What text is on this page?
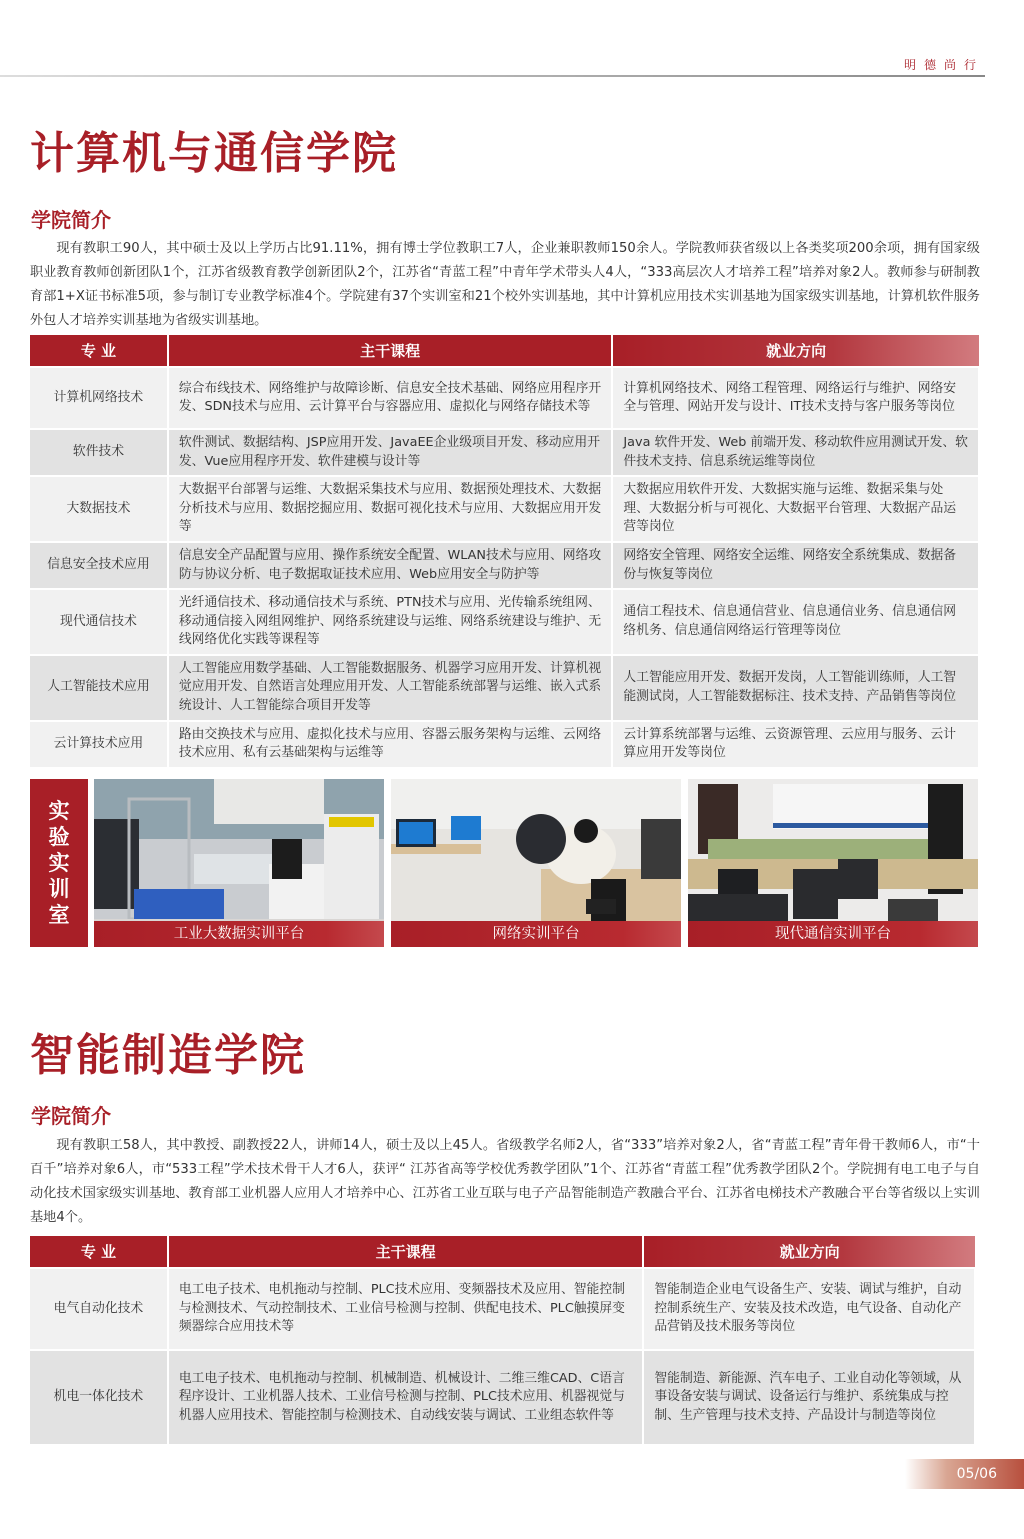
明德尚行
计算机与通信学院
学院简介

现有教职工90人，其中硕士及以上学历占比91.11%，拥有博士学位教职工7人，企业兼职教师150余人。学院教师获省级以上各类奖项200余项，拥有国家级职业教育教师创新团队1个，江苏省级教育教学创新团队2个，江苏省“青蓝工程”中青年学术带头人4人，“333高层次人才培养工程”培养对象2人。教师参与研制教育部1+X证书标准5项，参与制订专业教学标准4个。学院建有37个实训室和21个校外实训基地，其中计算机应用技术实训基地为国家级实训基地，计算机软件服务外包人才培养实训基地为省级实训基地。

专 业	主干课程	就业方向
计算机网络技术	综合布线技术、网络维护与故障诊断、信息安全技术基础、网络应用程序开发、SDN技术与应用、云计算平台与容器应用、虚拟化与网络存储技术等	计算机网络技术、网络工程管理、网络运行与维护、网络安全与管理、网站开发与设计、IT技术支持与客户服务等岗位
软件技术	软件测试、数据结构、JSP应用开发、JavaEE企业级项目开发、移动应用开发、Vue应用程序开发、软件建模与设计等	Java 软件开发、Web 前端开发、移动软件应用测试开发、软件技术支持、信息系统运维等岗位
大数据技术	大数据平台部署与运维、大数据采集技术与应用、数据预处理技术、大数据分析技术与应用、数据挖掘应用、数据可视化技术与应用、大数据应用开发等	大数据应用软件开发、大数据实施与运维、数据采集与处理、大数据分析与可视化、大数据平台管理、大数据产品运营等岗位
信息安全技术应用	信息安全产品配置与应用、操作系统安全配置、WLAN技术与应用、网络攻防与协议分析、电子数据取证技术应用、Web应用安全与防护等	网络安全管理、网络安全运维、网络安全系统集成、数据备份与恢复等岗位
现代通信技术	光纤通信技术、移动通信技术与系统、PTN技术与应用、光传输系统组网、移动通信接入网组网维护、网络系统建设与运维、网络系统建设与维护、无线网络优化实践等课程等	通信工程技术、信息通信营业、信息通信业务、信息通信网络机务、信息通信网络运行管理等岗位
人工智能技术应用	人工智能应用数学基础、人工智能数据服务、机器学习应用开发、计算机视觉应用开发、自然语言处理应用开发、人工智能系统部署与运维、嵌入式系统设计、人工智能综合项目开发等	人工智能应用开发、数据开发岗，人工智能训练师，人工智能测试岗，人工智能数据标注、技术支持、产品销售等岗位
云计算技术应用	路由交换技术与应用、虚拟化技术与应用、容器云服务架构与运维、云网络技术应用、私有云基础架构与运维等	云计算系统部署与运维、云资源管理、云应用与服务、云计算应用开发等岗位
实
验
实
训
室
工业大数据实训平台	网络实训平台	现代通信实训平台
智能制造学院
学院简介

现有教职工58人，其中教授、副教授22人，讲师14人，硕士及以上45人。省级教学名师2人，省“333”培养对象2人，省“青蓝工程”青年骨干教师6人，市“十百千”培养对象6人，市“533工程”学术技术骨干人才6人，获评“ 江苏省高等学校优秀教学团队”1个、江苏省“青蓝工程”优秀教学团队2个。学院拥有电工电子与自动化技术国家级实训基地、教育部工业机器人应用人才培养中心、江苏省工业互联与电子产品智能制造产教融合平台、江苏省电梯技术产教融合平台等省级以上实训基地4个。

专 业	主干课程	就业方向
电气自动化技术	电工电子技术、电机拖动与控制、PLC技术应用、变频器技术及应用、智能控制与检测技术、气动控制技术、工业信号检测与控制、供配电技术、PLC触摸屏变频器综合应用技术等	智能制造企业电气设备生产、安装、调试与维护，自动控制系统生产、安装及技术改造，电气设备、自动化产品营销及技术服务等岗位
机电一体化技术	电工电子技术、电机拖动与控制、机械制造、机械设计、二维三维CAD、C语言程序设计、工业机器人技术、工业信号检测与控制、PLC技术应用、机器视觉与机器人应用技术、智能控制与检测技术、自动线安装与调试、工业组态软件等	智能制造、新能源、汽车电子、工业自动化等领域，从事设备安装与调试、设备运行与维护、系统集成与控制、生产管理与技术支持、产品设计与制造等岗位
05/06
